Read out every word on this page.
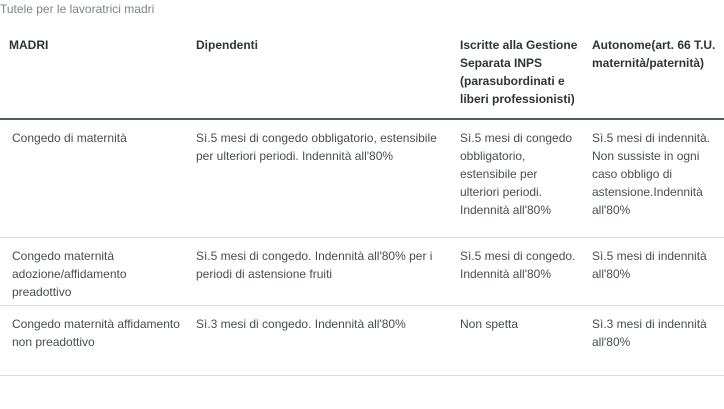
Tutele per le lavoratrici madri
MADRI	Dipendenti	Iscritte alla Gestione Separata INPS (parasubordinati e liberi professionisti)	Autonome(art. 66 T.U. maternità/paternità)
Congedo di maternità	Sì.5 mesi di congedo obbligatorio, estensibile per ulteriori periodi. Indennità all'80%	Sì.5 mesi di congedo obbligatorio, estensibile per ulteriori periodi. Indennità all'80%	Sì.5 mesi di indennità. Non sussiste in ogni caso obbligo di astensione.Indennità all'80%
Congedo maternità adozione/affidamento preadottivo	Sì.5 mesi di congedo. Indennità all'80% per i periodi di astensione fruiti	Sì.5 mesi di congedo. Indennità all'80%	Sì.5 mesi di indennità all'80%
Congedo maternità affidamento non preadottivo	Sì.3 mesi di congedo. Indennità all'80%	Non spetta	Sì.3 mesi di indennità all'80%
